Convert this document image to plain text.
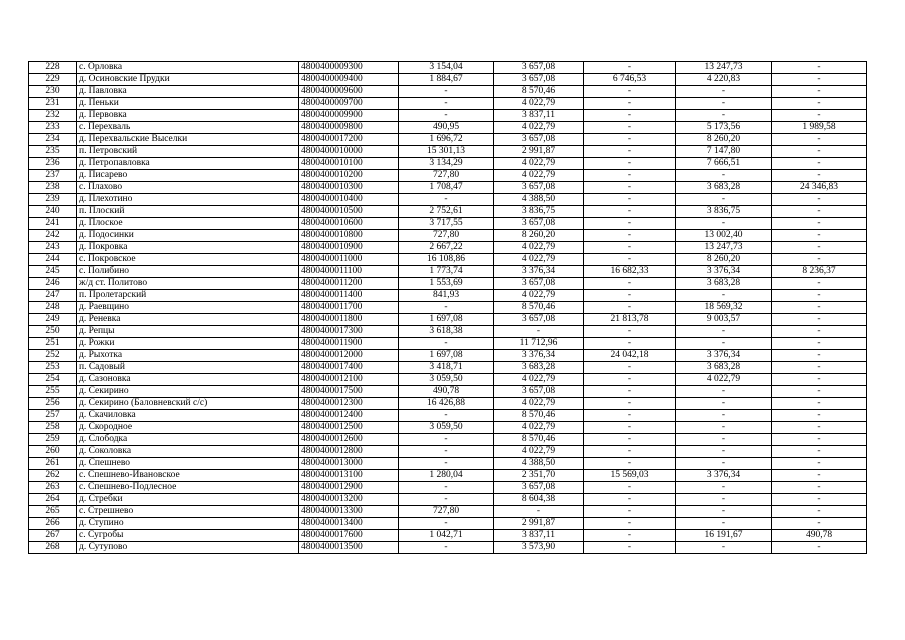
228	с. Орловка	4800400009300	3 154,04	3 657,08	-	13 247,73	-
229	д. Осиновские Прудки	4800400009400	1 884,67	3 657,08	6 746,53	4 220,83	-
230	д. Павловка	4800400009600	-	8 570,46	-	-	-
231	д. Пеньки	4800400009700	-	4 022,79	-	-	-
232	д. Первовка	4800400009900	-	3 837,11	-	-	-
233	с. Перехваль	4800400009800	490,95	4 022,79	-	5 173,56	1 989,58
234	д. Перехвальские Выселки	4800400017200	1 696,72	3 657,08	-	8 260,20	-
235	п. Петровский	4800400010000	15 301,13	2 991,87	-	7 147,80	-
236	д. Петропавловка	4800400010100	3 134,29	4 022,79	-	7 666,51	-
237	д. Писарево	4800400010200	727,80	4 022,79	-	-	-
238	с. Плахово	4800400010300	1 708,47	3 657,08	-	3 683,28	24 346,83
239	д. Плехотино	4800400010400	-	4 388,50	-	-	-
240	п. Плоский	4800400010500	2 752,61	3 836,75	-	3 836,75	-
241	д. Плоское	4800400010600	3 717,55	3 657,08	-	-	-
242	д. Подосинки	4800400010800	727,80	8 260,20	-	13 002,40	-
243	д. Покровка	4800400010900	2 667,22	4 022,79	-	13 247,73	-
244	с. Покровское	4800400011000	16 108,86	4 022,79	-	8 260,20	-
245	с. Полибино	4800400011100	1 773,74	3 376,34	16 682,33	3 376,34	8 236,37
246	ж/д ст. Политово	4800400011200	1 553,69	3 657,08	-	3 683,28	-
247	п. Пролетарский	4800400011400	841,93	4 022,79	-	-	-
248	д. Раевщино	4800400011700	-	8 570,46	-	18 569,32	-
249	д. Реневка	4800400011800	1 697,08	3 657,08	21 813,78	9 003,57	-
250	д. Репцы	4800400017300	3 618,38	-	-	-	-
251	д. Рожки	4800400011900	-	11 712,96	-	-	-
252	д. Рыхотка	4800400012000	1 697,08	3 376,34	24 042,18	3 376,34	-
253	п. Садовый	4800400017400	3 418,71	3 683,28	-	3 683,28	-
254	д. Сазоновка	4800400012100	3 059,50	4 022,79	-	4 022,79	-
255	д. Секирино	4800400017500	490,78	3 657,08	-	-	-
256	д. Секирино (Баловневский с/с)	4800400012300	16 426,88	4 022,79	-	-	-
257	д. Скачиловка	4800400012400	-	8 570,46	-	-	-
258	д. Скородное	4800400012500	3 059,50	4 022,79	-	-	-
259	д. Слободка	4800400012600	-	8 570,46	-	-	-
260	д. Соколовка	4800400012800	-	4 022,79	-	-	-
261	д. Спешнево	4800400013000	-	4 388,50	-	-	-
262	с. Спешнево-Ивановское	4800400013100	1 280,04	2 351,70	15 569,03	3 376,34	-
263	с. Спешнево-Подлесное	4800400012900	-	3 657,08	-	-	-
264	д. Стребки	4800400013200	-	8 604,38	-	-	-
265	с. Стрешнево	4800400013300	727,80	-	-	-	-
266	д. Ступино	4800400013400	-	2 991,87	-	-	-
267	с. Сугробы	4800400017600	1 042,71	3 837,11	-	16 191,67	490,78
268	д. Сутупово	4800400013500	-	3 573,90	-	-	-
